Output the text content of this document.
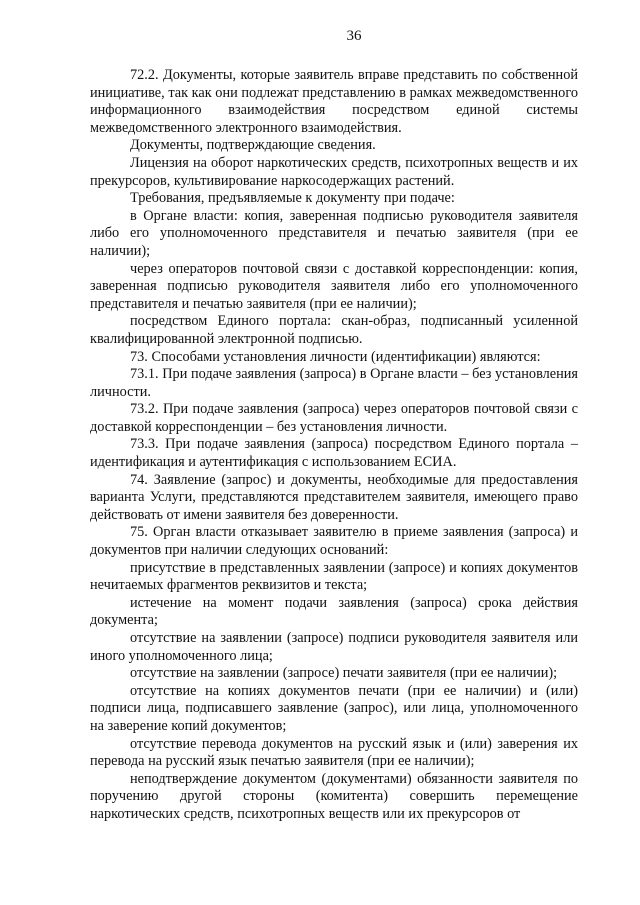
36

72.2. Документы, которые заявитель вправе представить по собственной инициативе, так как они подлежат представлению в рамках межведомственного информационного взаимодействия посредством единой системы межведомственного электронного взаимодействия.

Документы, подтверждающие сведения.

Лицензия на оборот наркотических средств, психотропных веществ и их прекурсоров, культивирование наркосодержащих растений.

Требования, предъявляемые к документу при подаче:

в Органе власти: копия, заверенная подписью руководителя заявителя либо его уполномоченного представителя и печатью заявителя (при ее наличии);

через операторов почтовой связи с доставкой корреспонденции: копия, заверенная подписью руководителя заявителя либо его уполномоченного представителя и печатью заявителя (при ее наличии);

посредством Единого портала: скан-образ, подписанный усиленной квалифицированной электронной подписью.

73. Способами установления личности (идентификации) являются:

73.1. При подаче заявления (запроса) в Органе власти – без установления личности.

73.2. При подаче заявления (запроса) через операторов почтовой связи с доставкой корреспонденции – без установления личности.

73.3. При подаче заявления (запроса) посредством Единого портала – идентификация и аутентификация с использованием ЕСИА.

74. Заявление (запрос) и документы, необходимые для предоставления варианта Услуги, представляются представителем заявителя, имеющего право действовать от имени заявителя без доверенности.

75. Орган власти отказывает заявителю в приеме заявления (запроса) и документов при наличии следующих оснований:

присутствие в представленных заявлении (запросе) и копиях документов нечитаемых фрагментов реквизитов и текста;

истечение на момент подачи заявления (запроса) срока действия документа;

отсутствие на заявлении (запросе) подписи руководителя заявителя или иного уполномоченного лица;

отсутствие на заявлении (запросе) печати заявителя (при ее наличии);

отсутствие на копиях документов печати (при ее наличии) и (или) подписи лица, подписавшего заявление (запрос), или лица, уполномоченного на заверение копий документов;

отсутствие перевода документов на русский язык и (или) заверения их перевода на русский язык печатью заявителя (при ее наличии);

неподтверждение документом (документами) обязанности заявителя по поручению другой стороны (комитента) совершить перемещение наркотических средств, психотропных веществ или их прекурсоров от
